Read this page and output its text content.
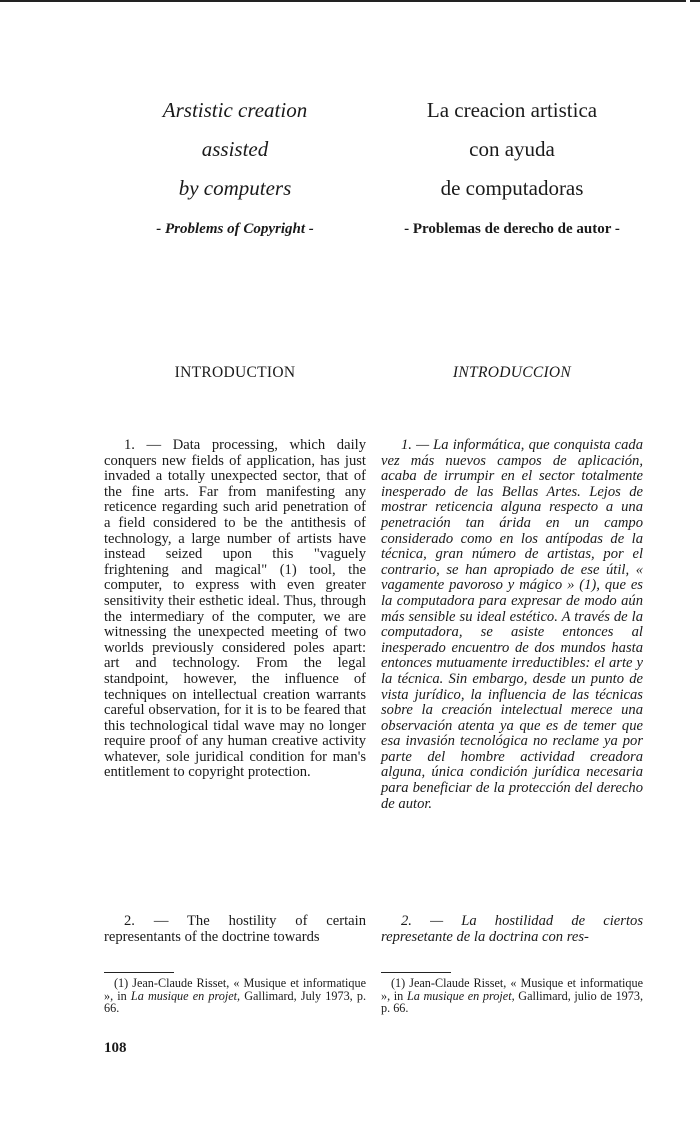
Arstistic creation
assisted
by computers
- Problems of Copyright -
INTRODUCTION

1. — Data processing, which daily conquers new fields of application, has just invaded a totally unexpected sector, that of the fine arts. Far from manifesting any reticence regarding such arid penetration of a field considered to be the antithesis of technology, a large number of artists have instead seized upon this "vaguely frightening and magical" (1) tool, the computer, to express with even greater sensitivity their esthetic ideal. Thus, through the intermediary of the computer, we are witnessing the unexpected meeting of two worlds previously considered poles apart: art and technology. From the legal standpoint, however, the influence of techniques on intellectual creation warrants careful observation, for it is to be feared that this technological tidal wave may no longer require proof of any human creative activity whatever, sole juridical condition for man's entitlement to copyright protection.

2. — The hostility of certain representants of the doctrine towards

(1) Jean-Claude Risset, « Musique et informatique », in La musique en projet, Gallimard, July 1973, p. 66.

La creacion artistica
con ayuda
de computadoras
- Problemas de derecho de autor -
INTRODUCCION

1. — La informática, que conquista cada vez más nuevos campos de aplicación, acaba de irrumpir en el sector totalmente inesperado de las Bellas Artes. Lejos de mostrar reticencia alguna respecto a una penetración tan árida en un campo considerado como en los antípodas de la técnica, gran número de artistas, por el contrario, se han apropiado de ese útil, « vagamente pavoroso y mágico » (1), que es la computadora para expresar de modo aún más sensible su ideal estético. A través de la computadora, se asiste entonces al inesperado encuentro de dos mundos hasta entonces mutuamente irreductibles: el arte y la técnica. Sin embargo, desde un punto de vista jurídico, la influencia de las técnicas sobre la creación intelectual merece una observación atenta ya que es de temer que esa invasión tecnológica no reclame ya por parte del hombre actividad creadora alguna, única condición jurídica necesaria para beneficiar de la protección del derecho de autor.

2. — La hostilidad de ciertos represetante de la doctrina con res-

(1) Jean-Claude Risset, « Musique et informatique », in La musique en projet, Gallimard, julio de 1973, p. 66.

108
